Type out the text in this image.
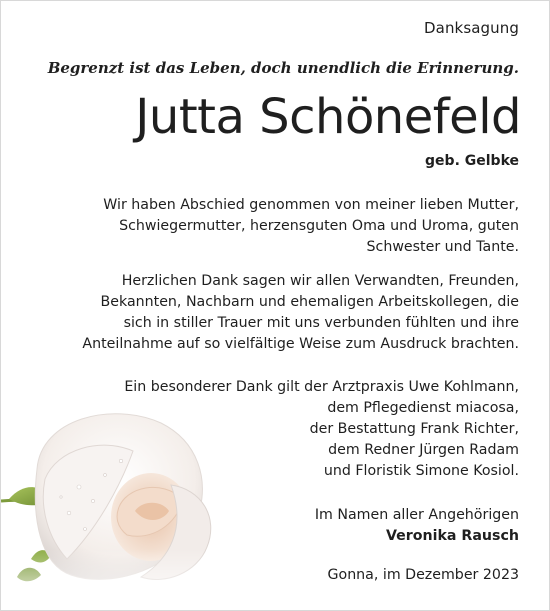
Danksagung
Begrenzt ist das Leben, doch unendlich die Erinnerung.
Jutta Schönefeld
geb. Gelbke
Wir haben Abschied genommen von meiner lieben Mutter,
Schwiegermutter, herzensguten Oma und Uroma, guten
Schwester und Tante.
Herzlichen Dank sagen wir allen Verwandten, Freunden,
Bekannten, Nachbarn und ehemaligen Arbeitskollegen, die
sich in stiller Trauer mit uns verbunden fühlten und ihre
Anteilnahme auf so vielfältige Weise zum Ausdruck brachten.
Ein besonderer Dank gilt der Arztpraxis Uwe Kohlmann,
dem Pflegedienst miacosa,
der Bestattung Frank Richter,
dem Redner Jürgen Radam
und Floristik Simone Kosiol.
Im Namen aller Angehörigen
Veronika Rausch
Gonna, im Dezember 2023
